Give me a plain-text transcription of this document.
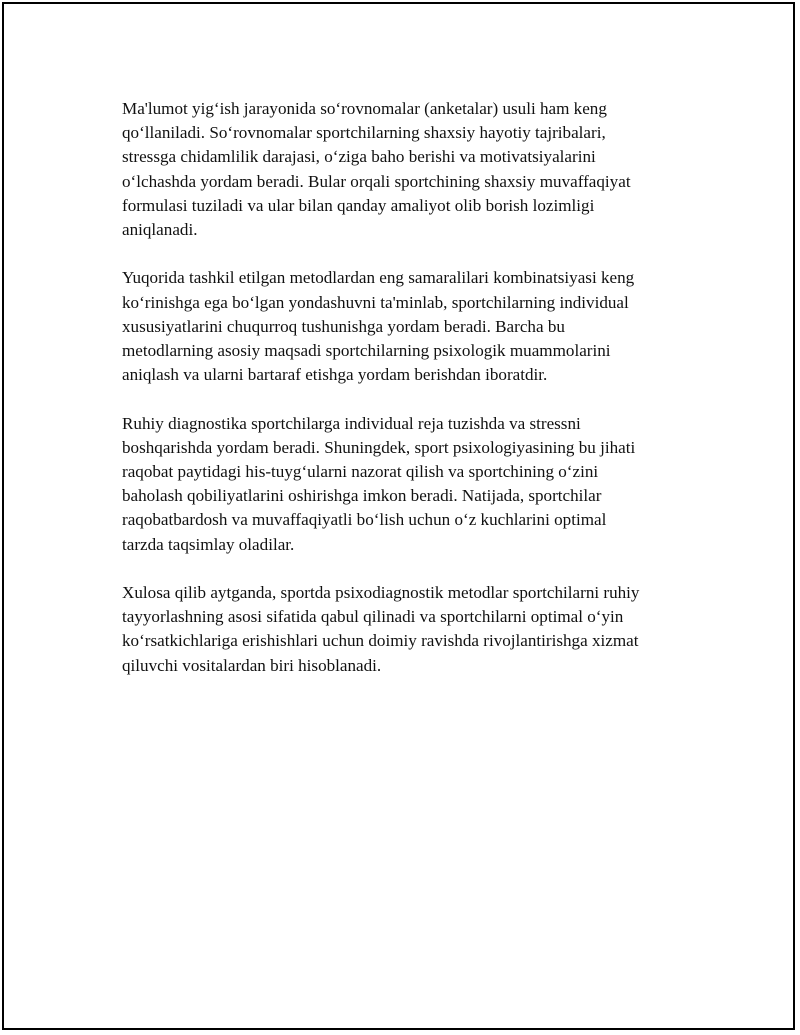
Ma'lumot yig‘ish jarayonida so‘rovnomalar (anketalar) usuli ham keng
qo‘llaniladi. So‘rovnomalar sportchilarning shaxsiy hayotiy tajribalari,
stressga chidamlilik darajasi, o‘ziga baho berishi va motivatsiyalarini
o‘lchashda yordam beradi. Bular orqali sportchining shaxsiy muvaffaqiyat
formulasi tuziladi va ular bilan qanday amaliyot olib borish lozimligi
aniqlanadi.

Yuqorida tashkil etilgan metodlardan eng samaralilari kombinatsiyasi keng
ko‘rinishga ega bo‘lgan yondashuvni ta'minlab, sportchilarning individual
xususiyatlarini chuqurroq tushunishga yordam beradi. Barcha bu
metodlarning asosiy maqsadi sportchilarning psixologik muammolarini
aniqlash va ularni bartaraf etishga yordam berishdan iboratdir.

Ruhiy diagnostika sportchilarga individual reja tuzishda va stressni
boshqarishda yordam beradi. Shuningdek, sport psixologiyasining bu jihati
raqobat paytidagi his-tuyg‘ularni nazorat qilish va sportchining o‘zini
baholash qobiliyatlarini oshirishga imkon beradi. Natijada, sportchilar
raqobatbardosh va muvaffaqiyatli bo‘lish uchun o‘z kuchlarini optimal
tarzda taqsimlay oladilar.

Xulosa qilib aytganda, sportda psixodiagnostik metodlar sportchilarni ruhiy
tayyorlashning asosi sifatida qabul qilinadi va sportchilarni optimal o‘yin
ko‘rsatkichlariga erishishlari uchun doimiy ravishda rivojlantirishga xizmat
qiluvchi vositalardan biri hisoblanadi.
